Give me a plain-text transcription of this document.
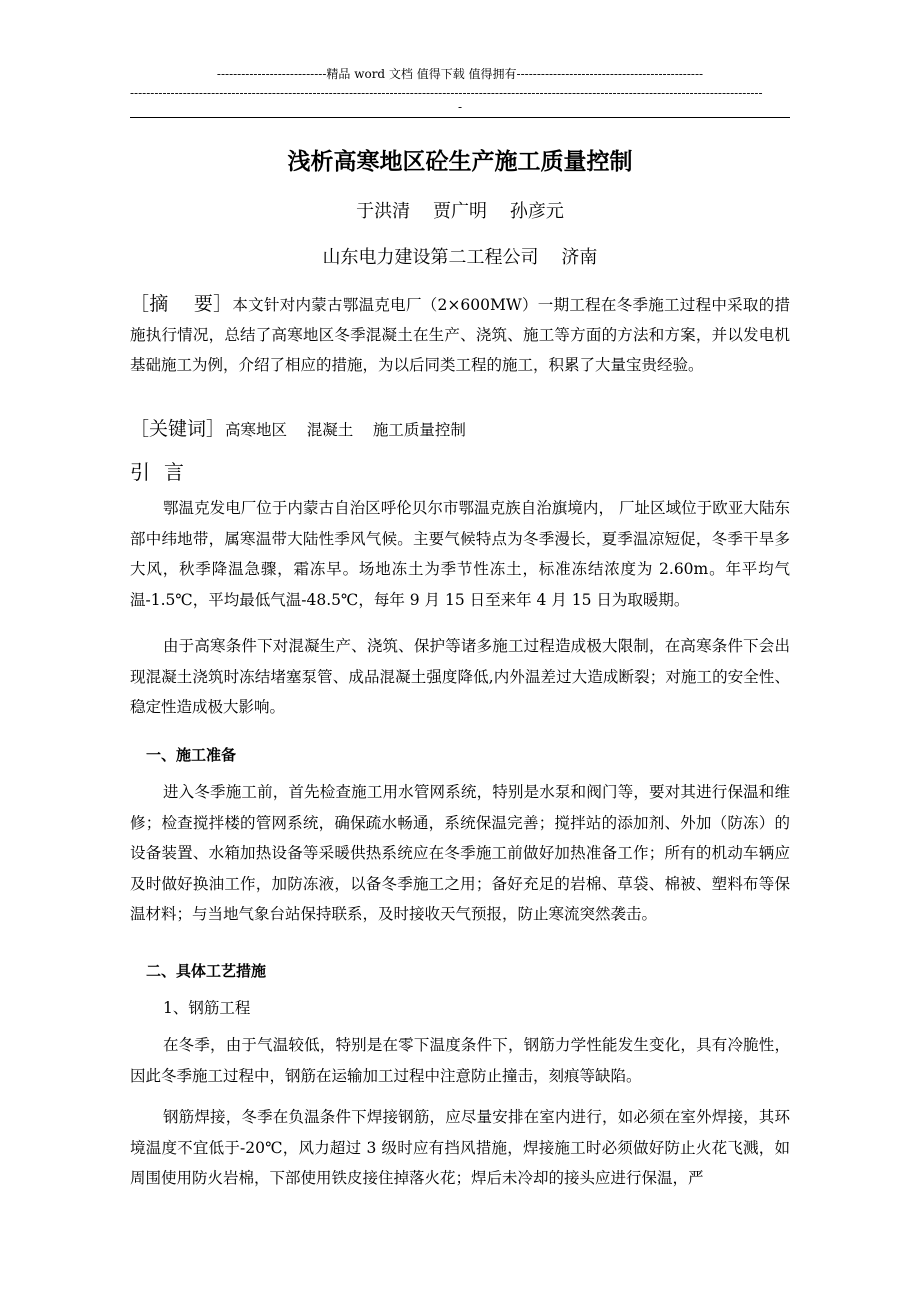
---------------------------精品 word 文档 值得下载 值得拥有----------------------------------------------
------------------------------------------------------------------------------------------------------------------------------------------------------------
-
浅析高寒地区砼生产施工质量控制
于洪清    贾广明    孙彦元
山东电力建设第二工程公司    济南
［摘    要］本文针对内蒙古鄂温克电厂（2×600MW）一期工程在冬季施工过程中采取的措施执行情况，总结了高寒地区冬季混凝土在生产、浇筑、施工等方面的方法和方案，并以发电机基础施工为例，介绍了相应的措施，为以后同类工程的施工，积累了大量宝贵经验。
［关键词］高寒地区    混凝土    施工质量控制
引言
鄂温克发电厂位于内蒙古自治区呼伦贝尔市鄂温克族自治旗境内， 厂址区域位于欧亚大陆东部中纬地带，属寒温带大陆性季风气候。主要气候特点为冬季漫长，夏季温凉短促，冬季干旱多大风，秋季降温急骤，霜冻早。场地冻土为季节性冻土，标准冻结浓度为 2.60m。年平均气温-1.5℃，平均最低气温-48.5℃，每年 9 月 15 日至来年 4 月 15 日为取暖期。
由于高寒条件下对混凝生产、浇筑、保护等诸多施工过程造成极大限制，在高寒条件下会出现混凝土浇筑时冻结堵塞泵管、成品混凝土强度降低,内外温差过大造成断裂；对施工的安全性、稳定性造成极大影响。
一、施工准备
进入冬季施工前，首先检查施工用水管网系统，特别是水泵和阀门等，要对其进行保温和维修；检查搅拌楼的管网系统，确保疏水畅通，系统保温完善；搅拌站的添加剂、外加（防冻）的设备装置、水箱加热设备等采暖供热系统应在冬季施工前做好加热准备工作；所有的机动车辆应及时做好换油工作，加防冻液，以备冬季施工之用；备好充足的岩棉、草袋、棉被、塑料布等保温材料；与当地气象台站保持联系，及时接收天气预报，防止寒流突然袭击。
二、具体工艺措施
1、钢筋工程
在冬季，由于气温较低，特别是在零下温度条件下，钢筋力学性能发生变化，具有冷脆性，因此冬季施工过程中，钢筋在运输加工过程中注意防止撞击，刻痕等缺陷。
钢筋焊接，冬季在负温条件下焊接钢筋，应尽量安排在室内进行，如必须在室外焊接，其环境温度不宜低于-20℃，风力超过 3 级时应有挡风措施，焊接施工时必须做好防止火花飞溅，如周围使用防火岩棉，下部使用铁皮接住掉落火花；焊后未冷却的接头应进行保温，严
